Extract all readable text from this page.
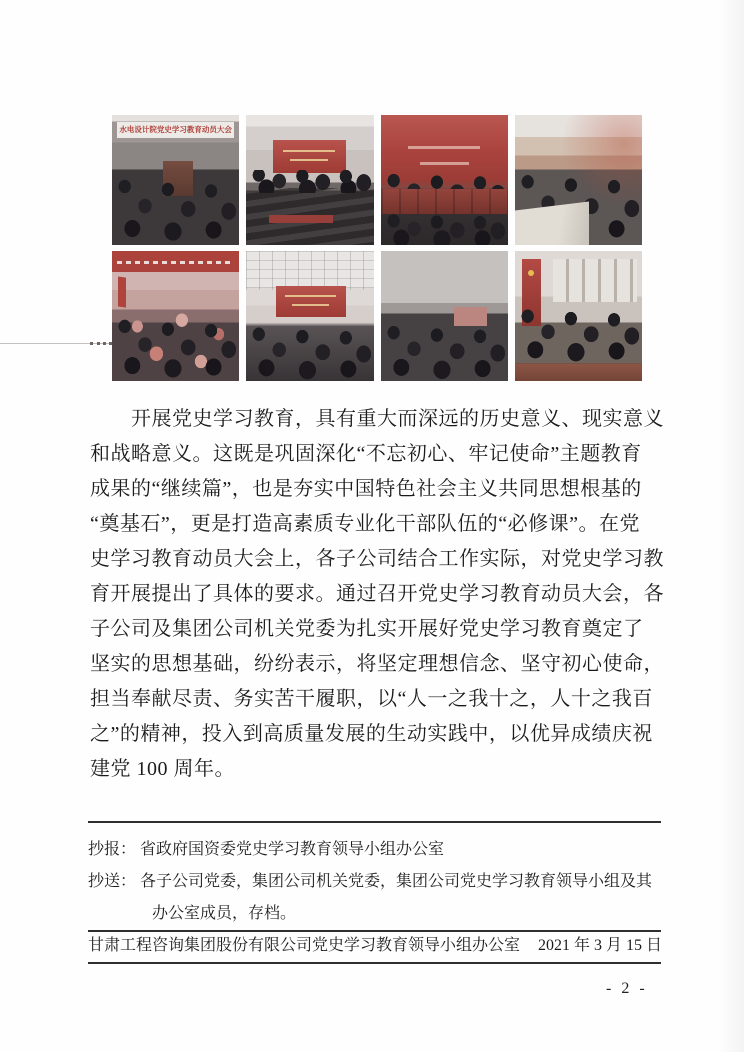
水电设计院党史学习教育动员大会
开展党史学习教育，具有重大而深远的历史意义、现实意义
和战略意义。这既是巩固深化“不忘初心、牢记使命”主题教育
成果的“继续篇”，也是夯实中国特色社会主义共同思想根基的
“奠基石”，更是打造高素质专业化干部队伍的“必修课”。在党
史学习教育动员大会上，各子公司结合工作实际，对党史学习教
育开展提出了具体的要求。通过召开党史学习教育动员大会，各
子公司及集团公司机关党委为扎实开展好党史学习教育奠定了
坚实的思想基础，纷纷表示，将坚定理想信念、坚守初心使命，
担当奉献尽责、务实苦干履职，以“人一之我十之，人十之我百
之”的精神，投入到高质量发展的生动实践中，以优异成绩庆祝
建党 100 周年。
抄报： 省政府国资委党史学习教育领导小组办公室
抄送： 各子公司党委，集团公司机关党委，集团公司党史学习教育领导小组及其
办公室成员，存档。
甘肃工程咨询集团股份有限公司党史学习教育领导小组办公室 2021 年 3 月 15 日
- 2 -
